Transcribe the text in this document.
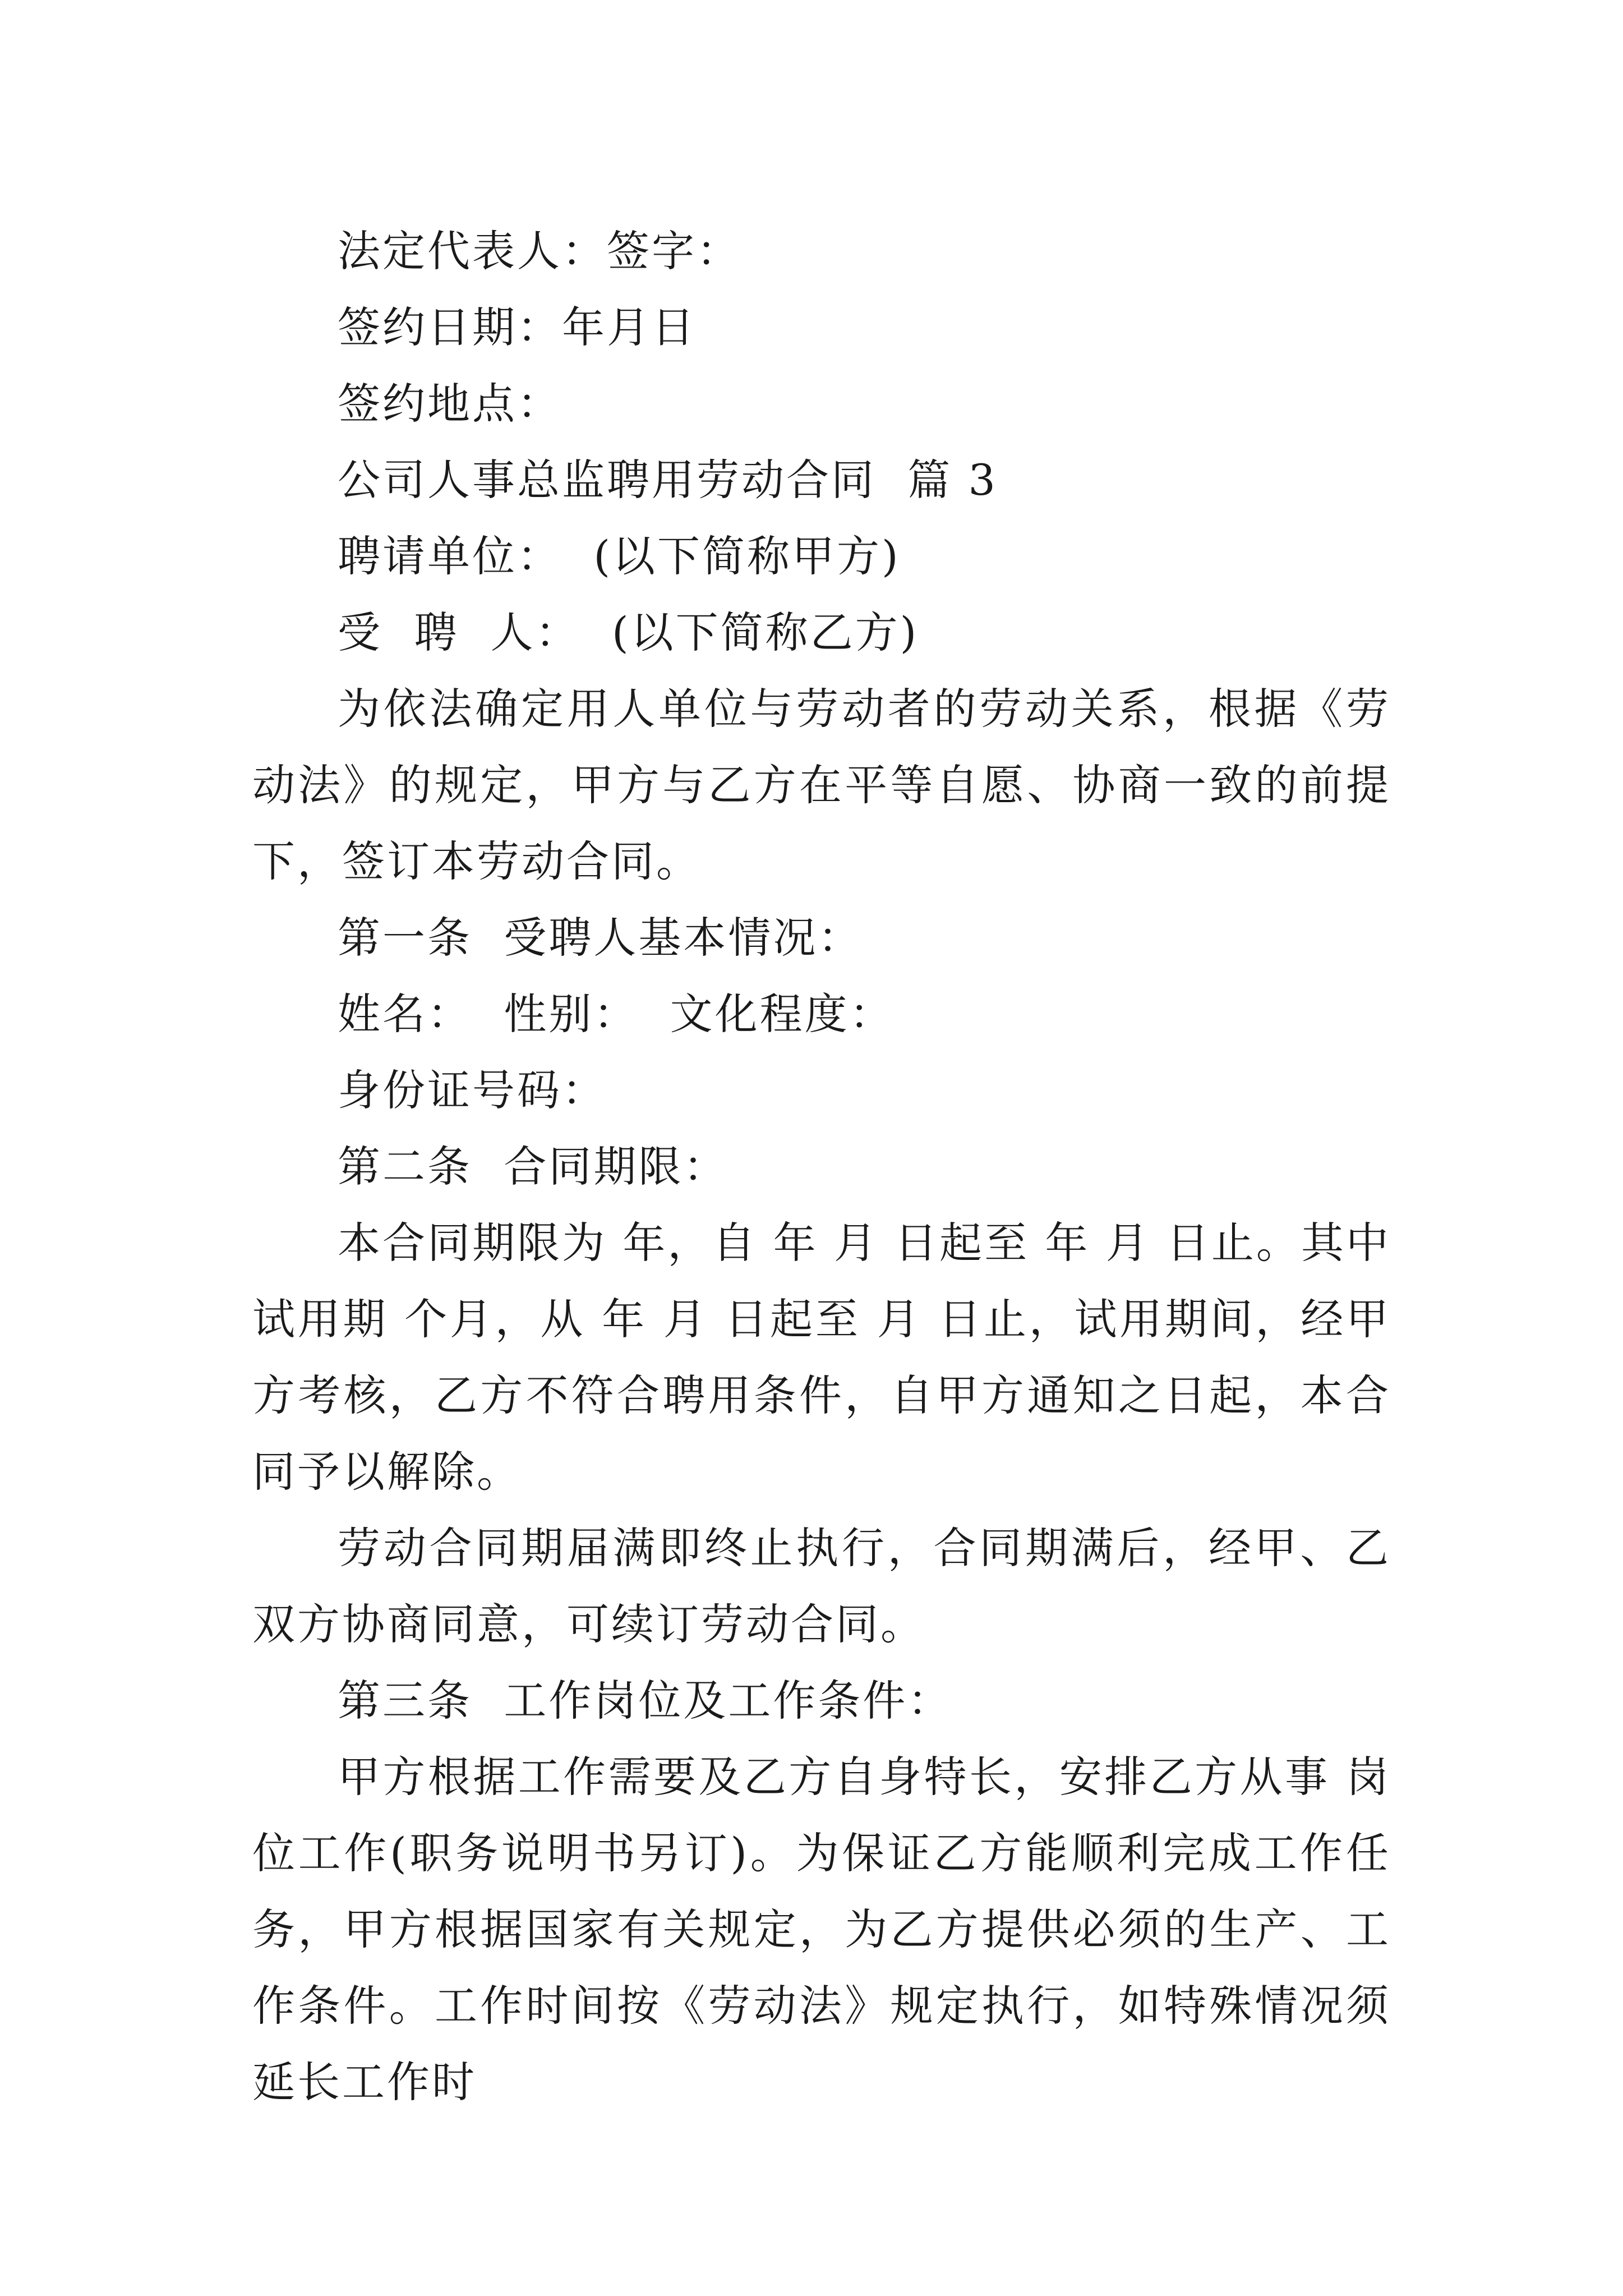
法定代表人：签字：

签约日期：年月日

签约地点：

公司人事总监聘用劳动合同  篇 3

聘请单位：  (以下简称甲方)

受  聘  人：  (以下简称乙方)

为依法确定用人单位与劳动者的劳动关系，根据《劳动法》的规定，甲方与乙方在平等自愿、协商一致的前提下，签订本劳动合同。

第一条  受聘人基本情况：

姓名：  性别：  文化程度：

身份证号码：

第二条  合同期限：

本合同期限为 年，自 年 月 日起至 年 月 日止。其中试用期 个月，从 年 月 日起至 月 日止，试用期间，经甲方考核，乙方不符合聘用条件，自甲方通知之日起，本合同予以解除。

劳动合同期届满即终止执行，合同期满后，经甲、乙双方协商同意，可续订劳动合同。

第三条  工作岗位及工作条件：

甲方根据工作需要及乙方自身特长，安排乙方从事 岗位工作(职务说明书另订)。为保证乙方能顺利完成工作任务，甲方根据国家有关规定，为乙方提供必须的生产、工作条件。工作时间按《劳动法》规定执行，如特殊情况须延长工作时
